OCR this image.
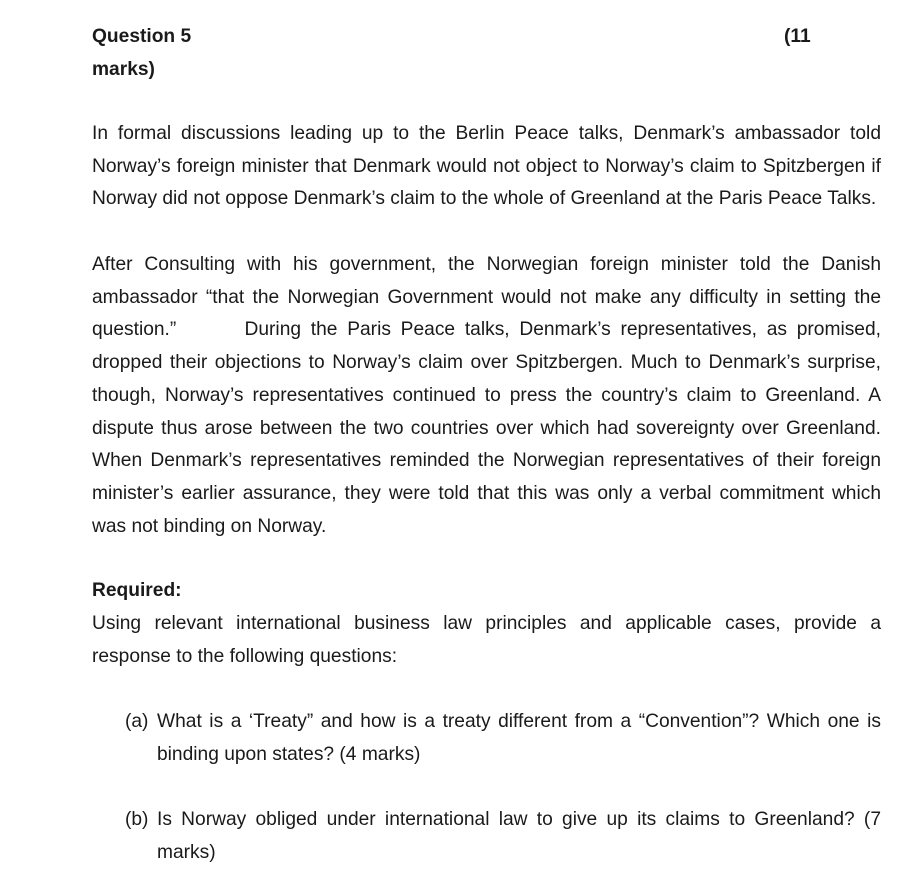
Question 5
marks)
(11

In formal discussions leading up to the Berlin Peace talks, Denmark’s ambassador told Norway’s foreign minister that Denmark would not object to Norway’s claim to Spitzbergen if Norway did not oppose Denmark’s claim to the whole of Greenland at the Paris Peace Talks.

After Consulting with his government, the Norwegian foreign minister told the Danish ambassador “that the Norwegian Government would not make any difficulty in setting the question.”	During the Paris Peace talks, Denmark’s representatives, as promised, dropped their objections to Norway’s claim over Spitzbergen. Much to Denmark’s surprise, though, Norway’s representatives continued to press the country’s claim to Greenland. A dispute thus arose between the two countries over which had sovereignty over Greenland. When Denmark’s representatives reminded the Norwegian representatives of their foreign minister’s earlier assurance, they were told that this was only a verbal commitment which was not binding on Norway.

Required:

Using relevant international business law principles and applicable cases, provide a response to the following questions:

(a) What is a ‘Treaty” and how is a treaty different from a “Convention”? Which one is binding upon states? (4 marks)

(b) Is Norway obliged under international law to give up its claims to Greenland? (7 marks)
